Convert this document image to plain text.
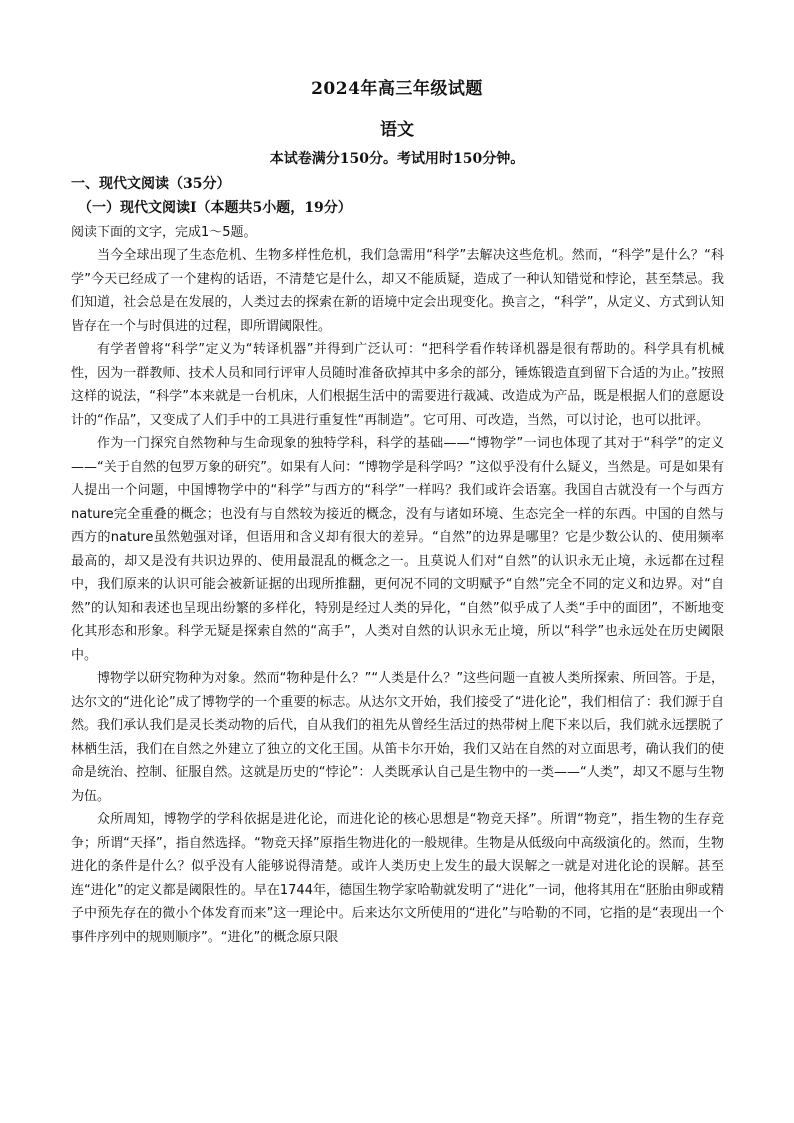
2024年高三年级试题
语文
本试卷满分150分。考试用时150分钟。
一、现代文阅读（35分）
（一）现代文阅读Ⅰ（本题共5小题，19分）
阅读下面的文字，完成1～5题。

当今全球出现了生态危机、生物多样性危机，我们急需用“科学”去解决这些危机。然而，“科学”是什么？“科学”今天已经成了一个建构的话语，不清楚它是什么，却又不能质疑，造成了一种认知错觉和悖论，甚至禁忌。我们知道，社会总是在发展的，人类过去的探索在新的语境中定会出现变化。换言之，“科学”，从定义、方式到认知皆存在一个与时俱进的过程，即所谓阈限性。

有学者曾将“科学”定义为“转译机器”并得到广泛认可：“把科学看作转译机器是很有帮助的。科学具有机械性，因为一群教师、技术人员和同行评审人员随时准备砍掉其中多余的部分，锤炼锻造直到留下合适的为止。”按照这样的说法，“科学”本来就是一台机床，人们根据生活中的需要进行裁减、改造成为产品，既是根据人们的意愿设计的“作品”，又变成了人们手中的工具进行重复性“再制造”。它可用、可改造，当然，可以讨论，也可以批评。

作为一门探究自然物种与生命现象的独特学科，科学的基础——“博物学”一词也体现了其对于“科学”的定义——“关于自然的包罗万象的研究”。如果有人问：“博物学是科学吗？”这似乎没有什么疑义，当然是。可是如果有人提出一个问题，中国博物学中的“科学”与西方的“科学”一样吗？我们或许会语塞。我国自古就没有一个与西方nature完全重叠的概念；也没有与自然较为接近的概念，没有与诸如环境、生态完全一样的东西。中国的自然与西方的nature虽然勉强对译，但语用和含义却有很大的差异。“自然”的边界是哪里？它是少数公认的、使用频率最高的，却又是没有共识边界的、使用最混乱的概念之一。且莫说人们对“自然”的认识永无止境，永远都在过程中，我们原来的认识可能会被新证据的出现所推翻，更何况不同的文明赋予“自然”完全不同的定义和边界。对“自然”的认知和表述也呈现出纷繁的多样化，特别是经过人类的异化，“自然”似乎成了人类“手中的面团”，不断地变化其形态和形象。科学无疑是探索自然的“高手”，人类对自然的认识永无止境，所以“科学”也永远处在历史阈限中。

博物学以研究物种为对象。然而“物种是什么？”“人类是什么？”这些问题一直被人类所探索、所回答。于是，达尔文的“进化论”成了博物学的一个重要的标志。从达尔文开始，我们接受了“进化论”，我们相信了：我们源于自然。我们承认我们是灵长类动物的后代，自从我们的祖先从曾经生活过的热带树上爬下来以后，我们就永远摆脱了林栖生活，我们在自然之外建立了独立的文化王国。从笛卡尔开始，我们又站在自然的对立面思考，确认我们的使命是统治、控制、征服自然。这就是历史的“悖论”：人类既承认自己是生物中的一类——“人类”，却又不愿与生物为伍。

众所周知，博物学的学科依据是进化论，而进化论的核心思想是“物竞天择”。所谓“物竞”，指生物的生存竞争；所谓“天择”，指自然选择。“物竞天择”原指生物进化的一般规律。生物是从低级向中高级演化的。然而，生物进化的条件是什么？似乎没有人能够说得清楚。或许人类历史上发生的最大误解之一就是对进化论的误解。甚至连“进化”的定义都是阈限性的。早在1744年，德国生物学家哈勒就发明了“进化”一词，他将其用在“胚胎由卵或精子中预先存在的微小个体发育而来”这一理论中。后来达尔文所使用的“进化”与哈勒的不同，它指的是“表现出一个事件序列中的规则顺序”。“进化”的概念原只限
